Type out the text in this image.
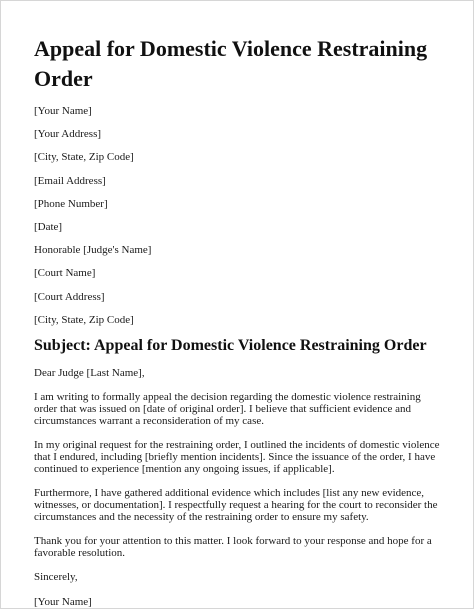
Appeal for Domestic Violence Restraining Order
[Your Name]
[Your Address]
[City, State, Zip Code]
[Email Address]
[Phone Number]
[Date]
Honorable [Judge's Name]
[Court Name]
[Court Address]
[City, State, Zip Code]
Subject: Appeal for Domestic Violence Restraining Order
Dear Judge [Last Name],

I am writing to formally appeal the decision regarding the domestic violence restraining order that was issued on [date of original order]. I believe that sufficient evidence and circumstances warrant a reconsideration of my case.

In my original request for the restraining order, I outlined the incidents of domestic violence that I endured, including [briefly mention incidents]. Since the issuance of the order, I have continued to experience [mention any ongoing issues, if applicable].

Furthermore, I have gathered additional evidence which includes [list any new evidence, witnesses, or documentation]. I respectfully request a hearing for the court to reconsider the circumstances and the necessity of the restraining order to ensure my safety.

Thank you for your attention to this matter. I look forward to your response and hope for a favorable resolution.

Sincerely,
[Your Name]
